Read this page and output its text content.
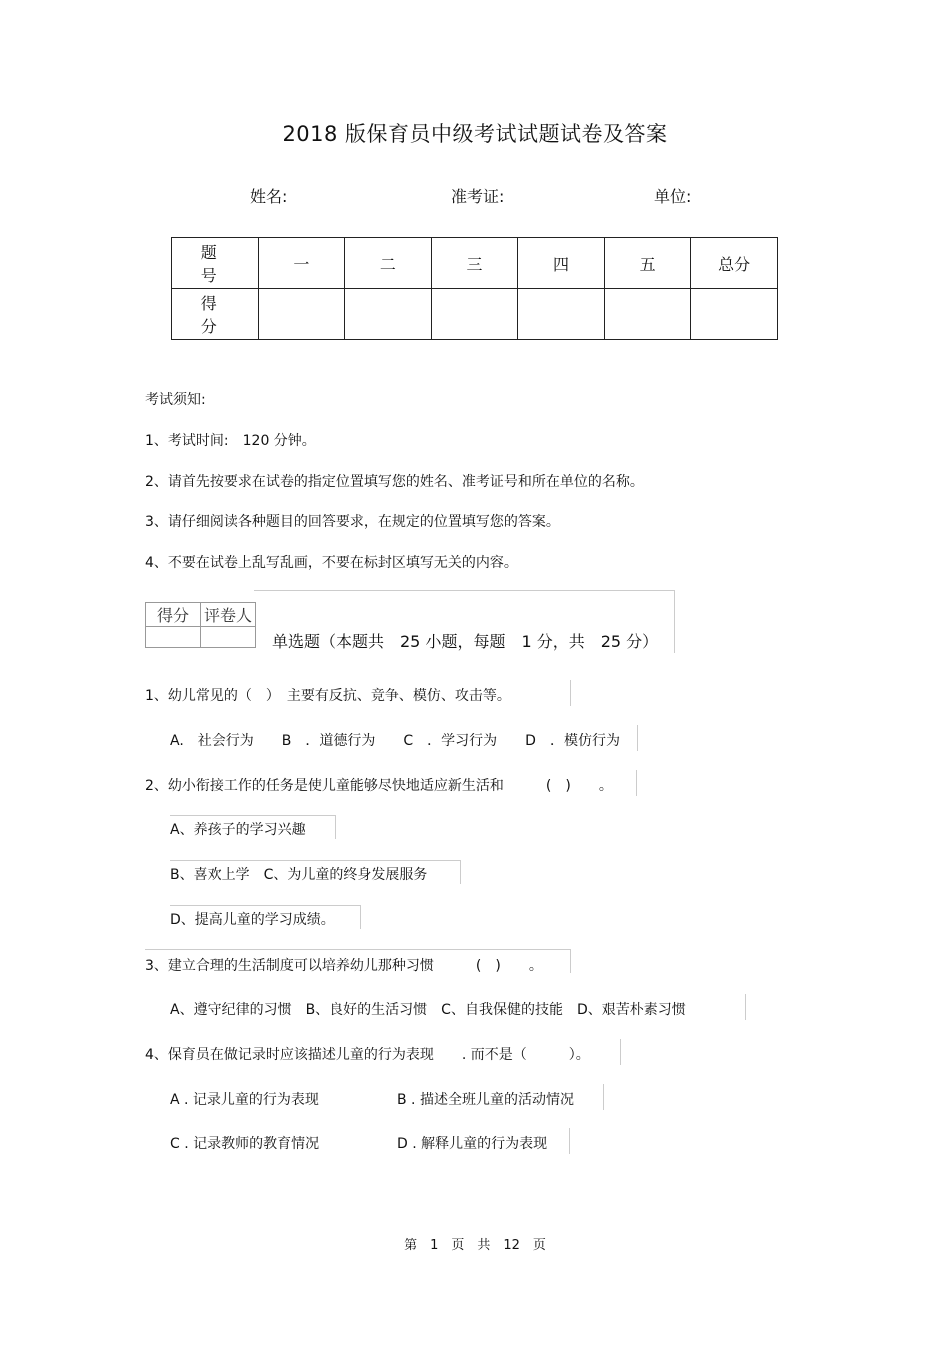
2018 版保育员中级考试试题试卷及答案
姓名:	准考证:	单位:
题　号	一	二	三	四	五	总分
得　分						
考试须知:
1、考试时间:　120 分钟。
2、请首先按要求在试卷的指定位置填写您的姓名、准考证号和所在单位的名称。
3、请仔细阅读各种题目的回答要求，在规定的位置填写您的答案。
4、不要在试卷上乱写乱画，不要在标封区填写无关的内容。
得分	评卷人

单选题（本题共　25 小题，每题　1 分，共　25 分）
1、幼儿常见的（　）　主要有反抗、竞争、模仿、攻击等。
A.　社会行为　　B　．道德行为　　C　．学习行为　　D　．模仿行为
2、幼小衔接工作的任务是使儿童能够尽快地适应新生活和　　　(　)　　。
A、养孩子的学习兴趣
B、喜欢上学　C、为儿童的终身发展服务
D、提高儿童的学习成绩。
3、建立合理的生活制度可以培养幼儿那种习惯　　　(　)　　。
A、遵守纪律的习惯　B、良好的生活习惯　C、自我保健的技能　D、艰苦朴素习惯
4、保育员在做记录时应该描述儿童的行为表现　　. 而不是（　　　）。
A . 记录儿童的行为表现	B . 描述全班儿童的活动情况
C . 记录教师的教育情况	D . 解释儿童的行为表现
第　1　页　共　12　页
